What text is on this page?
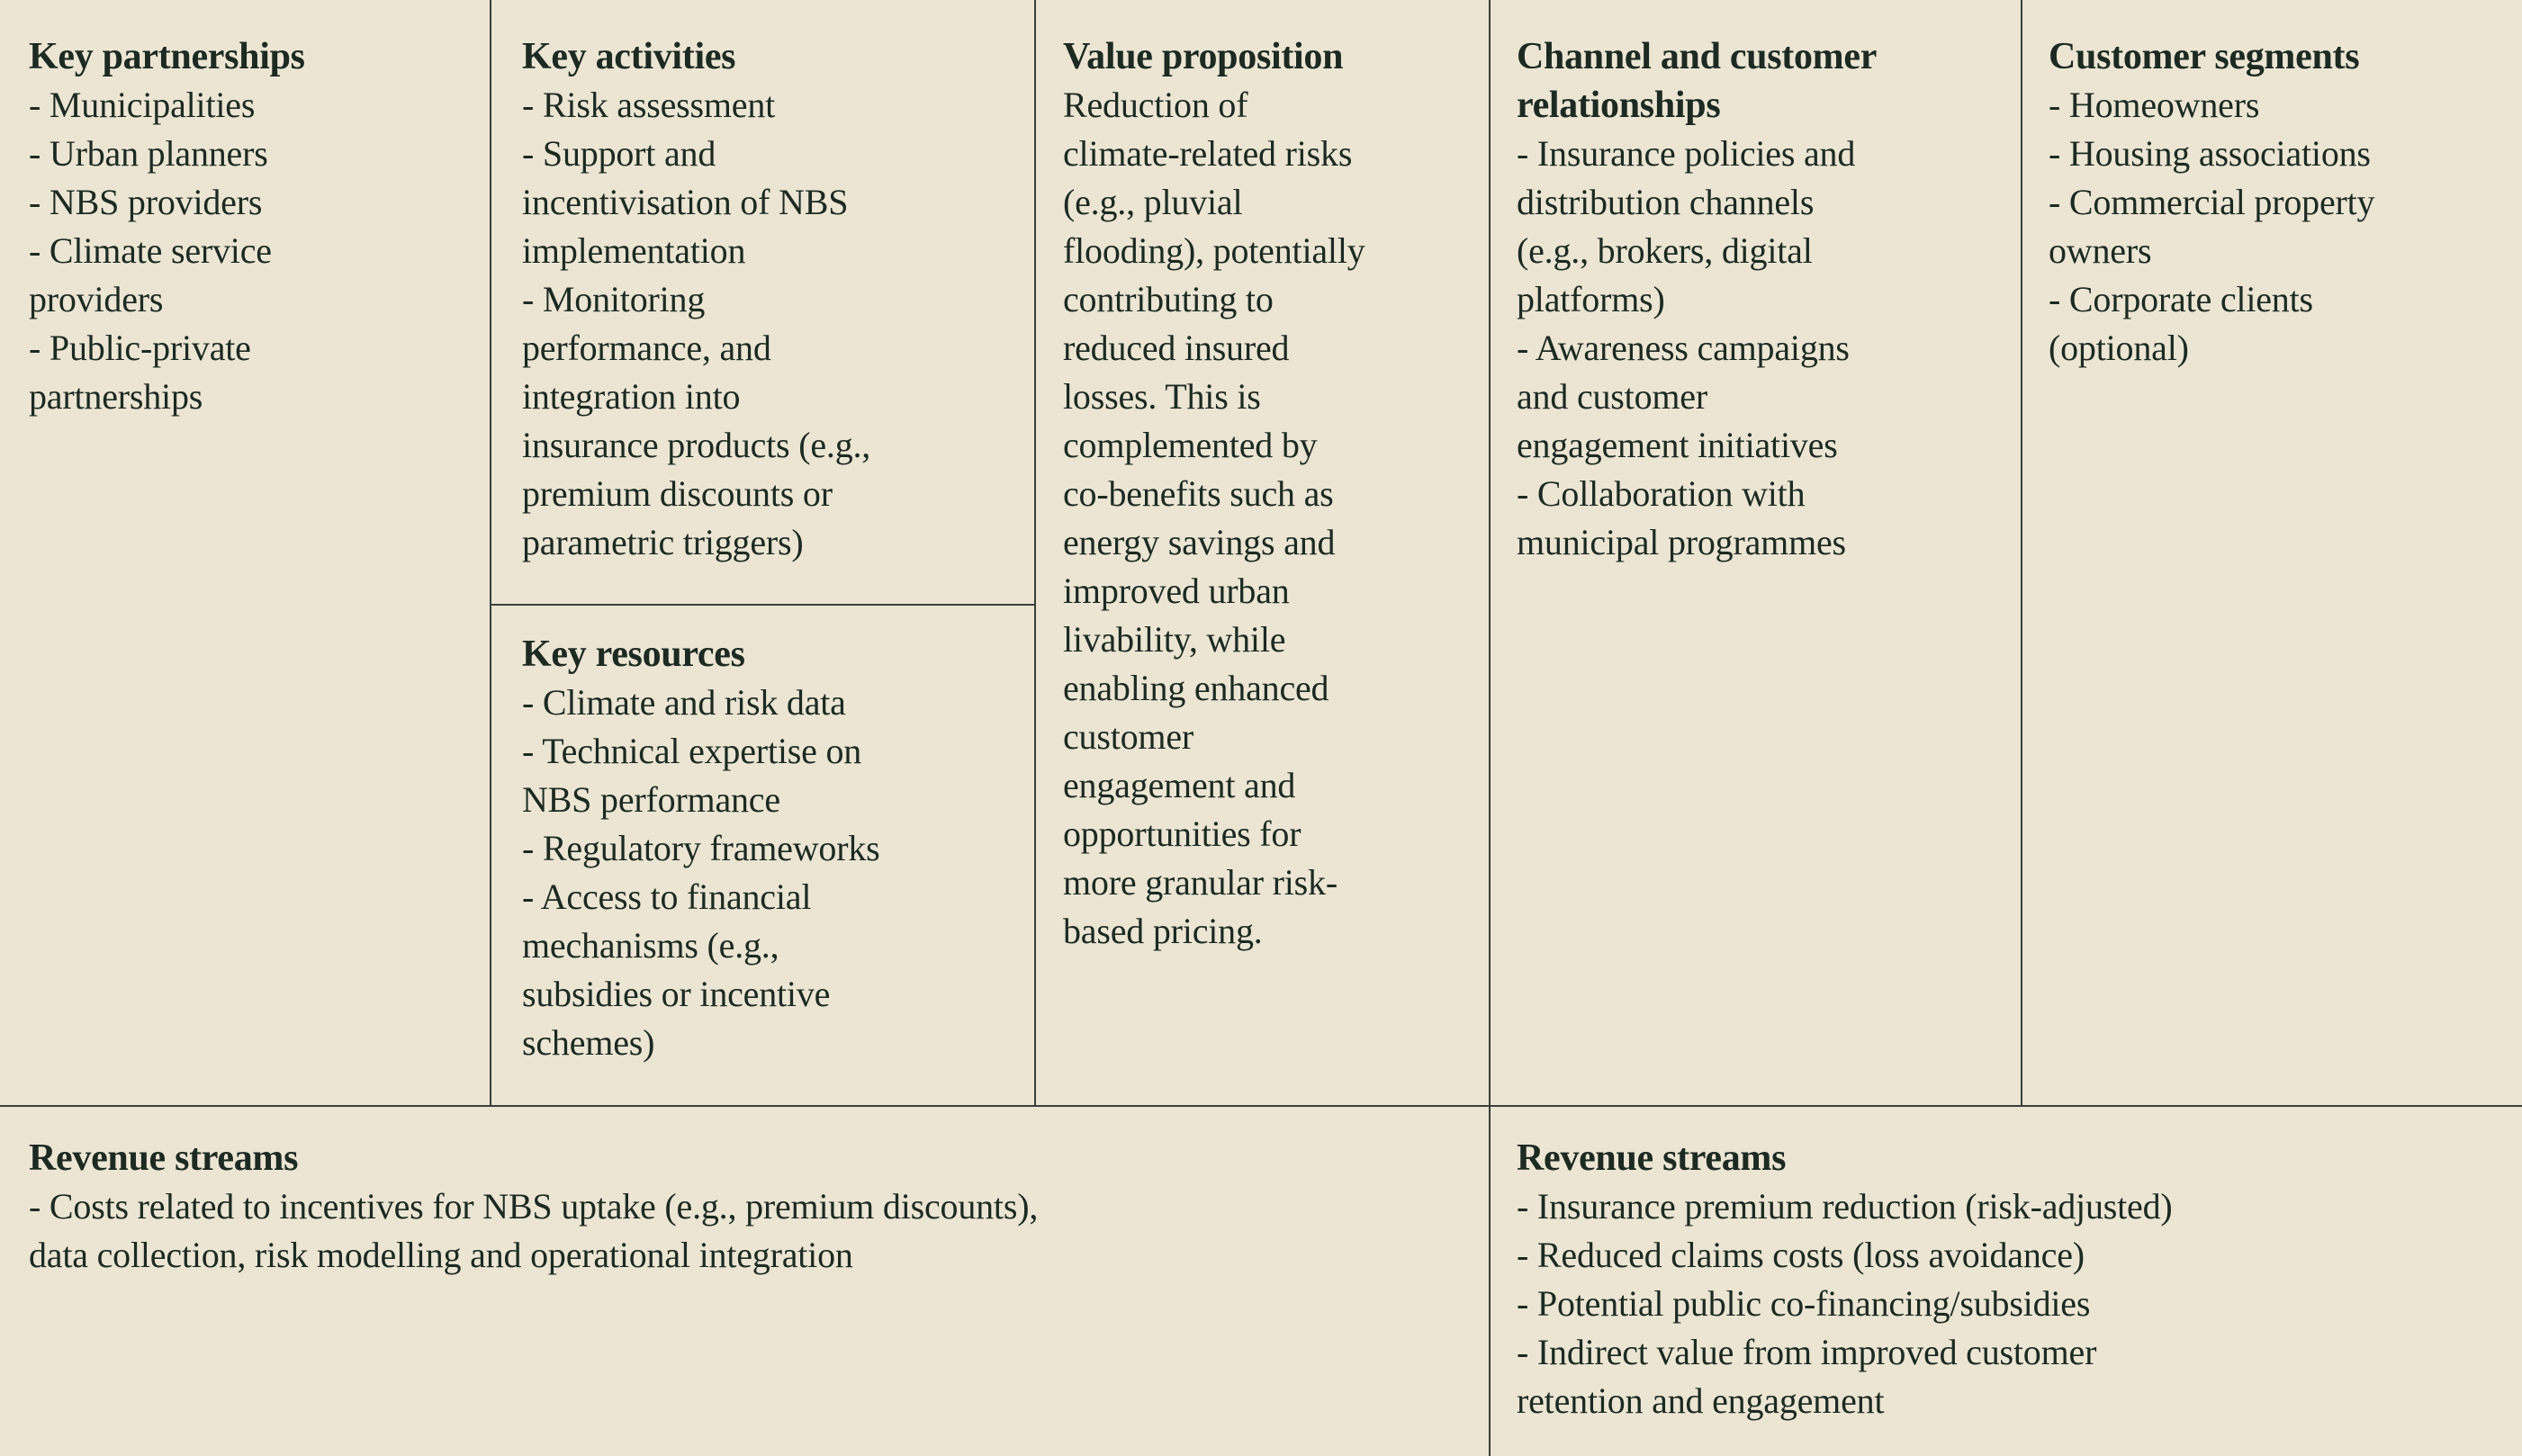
Key partnerships
- Municipalities
- Urban planners
- NBS providers
- Climate service
providers
- Public-private
partnerships
Key activities
- Risk assessment
- Support and
incentivisation of NBS
implementation
- Monitoring
performance, and
integration into
insurance products (e.g.,
premium discounts or
parametric triggers)
Key resources
- Climate and risk data
- Technical expertise on
NBS performance
- Regulatory frameworks
- Access to financial
mechanisms (e.g.,
subsidies or incentive
schemes)
Value proposition
Reduction of
climate-related risks
(e.g., pluvial
flooding), potentially
contributing to
reduced insured
losses. This is
complemented by
co-benefits such as
energy savings and
improved urban
livability, while
enabling enhanced
customer
engagement and
opportunities for
more granular risk-
based pricing.
Channel and customer
relationships
- Insurance policies and
distribution channels
(e.g., brokers, digital
platforms)
- Awareness campaigns
and customer
engagement initiatives
- Collaboration with
municipal programmes
Customer segments
- Homeowners
- Housing associations
- Commercial property
owners
- Corporate clients
(optional)
Revenue streams
- Costs related to incentives for NBS uptake (e.g., premium discounts),
data collection, risk modelling and operational integration
Revenue streams
- Insurance premium reduction (risk-adjusted)
- Reduced claims costs (loss avoidance)
- Potential public co-financing/subsidies
- Indirect value from improved customer
retention and engagement
